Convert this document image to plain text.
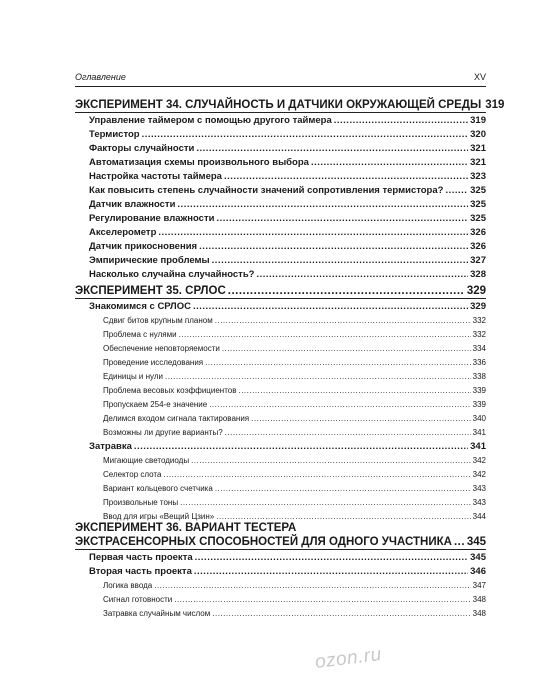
Оглавление	XV
ЭКСПЕРИМЕНТ 34. СЛУЧАЙНОСТЬ И ДАТЧИКИ ОКРУЖАЮЩЕЙ СРЕДЫ 319
Управление таймером с помощью другого таймера .....	319
Термистор .....	320
Факторы случайности .....	321
Автоматизация схемы произвольного выбора .....	321
Настройка частоты таймера .....	323
Как повысить степень случайности значений сопротивления термистора? .....	325
Датчик влажности .....	325
Регулирование влажности .....	325
Акселерометр .....	326
Датчик прикосновения .....	326
Эмпирические проблемы .....	327
Насколько случайна случайность? .....	328
ЭКСПЕРИМЕНТ 35. СРЛОС .....	329
Знакомимся с СРЛОС .....	329
Сдвиг битов крупным планом .....	332
Проблема с нулями .....	332
Обеспечение неповторяемости .....	334
Проведение исследования .....	336
Единицы и нули .....	338
Проблема весовых коэффициентов .....	339
Пропускаем 254-е значение .....	339
Делимся входом сигнала тактирования .....	340
Возможны ли другие варианты? .....	341
Затравка .....	341
Мигающие светодиоды .....	342
Селектор слота .....	342
Вариант кольцевого счетчика .....	343
Произвольные тоны .....	343
Ввод для игры «Вещий Цзин» .....	344
ЭКСПЕРИМЕНТ 36. ВАРИАНТ ТЕСТЕРА
ЭКСТРАСЕНСОРНЫХ СПОСОБНОСТЕЙ ДЛЯ ОДНОГО УЧАСТНИКА ..... 345
Первая часть проекта .....	345
Вторая часть проекта .....	346
Логика ввода .....	347
Сигнал готовности .....	348
Затравка случайным числом .....	348
ozon.ru
